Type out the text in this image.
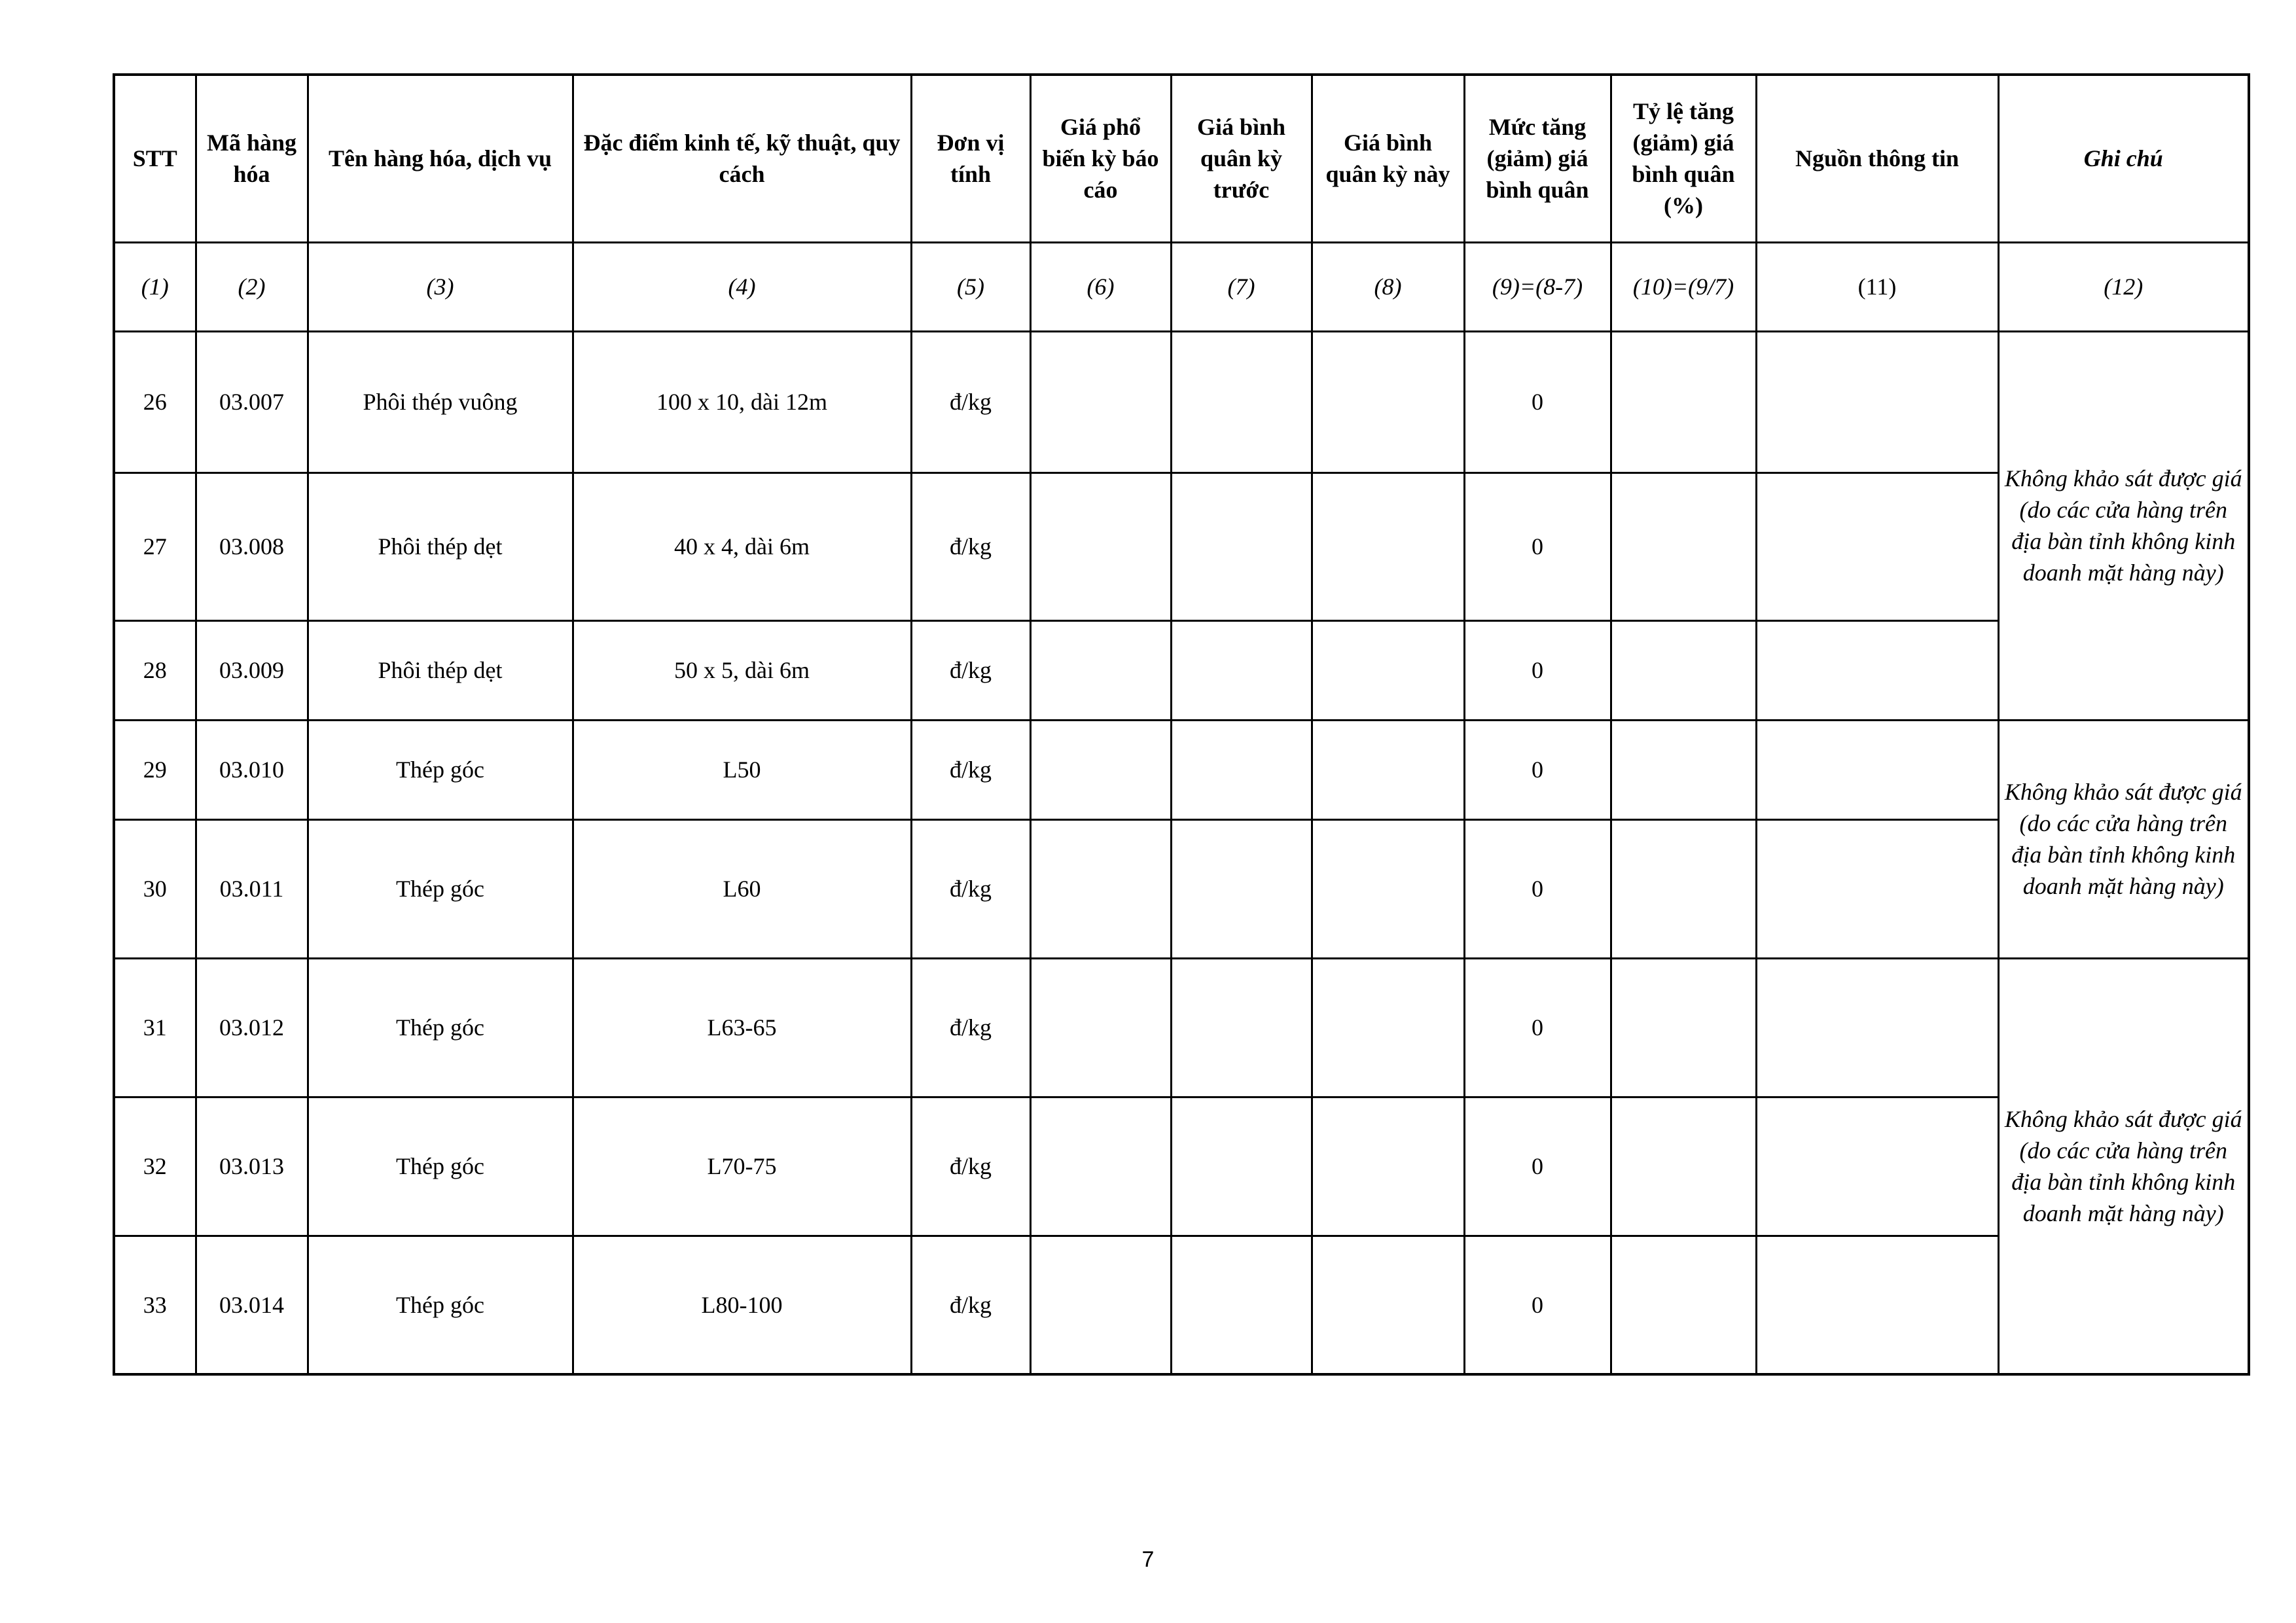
STT	Mã hàng hóa	Tên hàng hóa, dịch vụ	Đặc điểm kinh tế, kỹ thuật, quy cách	Đơn vị tính	Giá phổ biến kỳ báo cáo	Giá bình quân kỳ trước	Giá bình quân kỳ này	Mức tăng (giảm) giá bình quân	Tỷ lệ tăng (giảm) giá bình quân (%)	Nguồn thông tin	Ghi chú
(1)	(2)	(3)	(4)	(5)	(6)	(7)	(8)	(9)=(8-7)	(10)=(9/7)	(11)	(12)
26	03.007	Phôi thép vuông	100 x 10, dài 12m	đ/kg				0			Không khảo sát được giá (do các cửa hàng trên địa bàn tỉnh không kinh doanh mặt hàng này)
27	03.008	Phôi thép dẹt	40 x 4, dài 6m	đ/kg				0			
28	03.009	Phôi thép dẹt	50 x 5, dài 6m	đ/kg				0			
29	03.010	Thép góc	L50	đ/kg				0			Không khảo sát được giá (do các cửa hàng trên địa bàn tỉnh không kinh doanh mặt hàng này)
30	03.011	Thép góc	L60	đ/kg				0			
31	03.012	Thép góc	L63-65	đ/kg				0			Không khảo sát được giá (do các cửa hàng trên địa bàn tỉnh không kinh doanh mặt hàng này)
32	03.013	Thép góc	L70-75	đ/kg				0			
33	03.014	Thép góc	L80-100	đ/kg				0			
7
